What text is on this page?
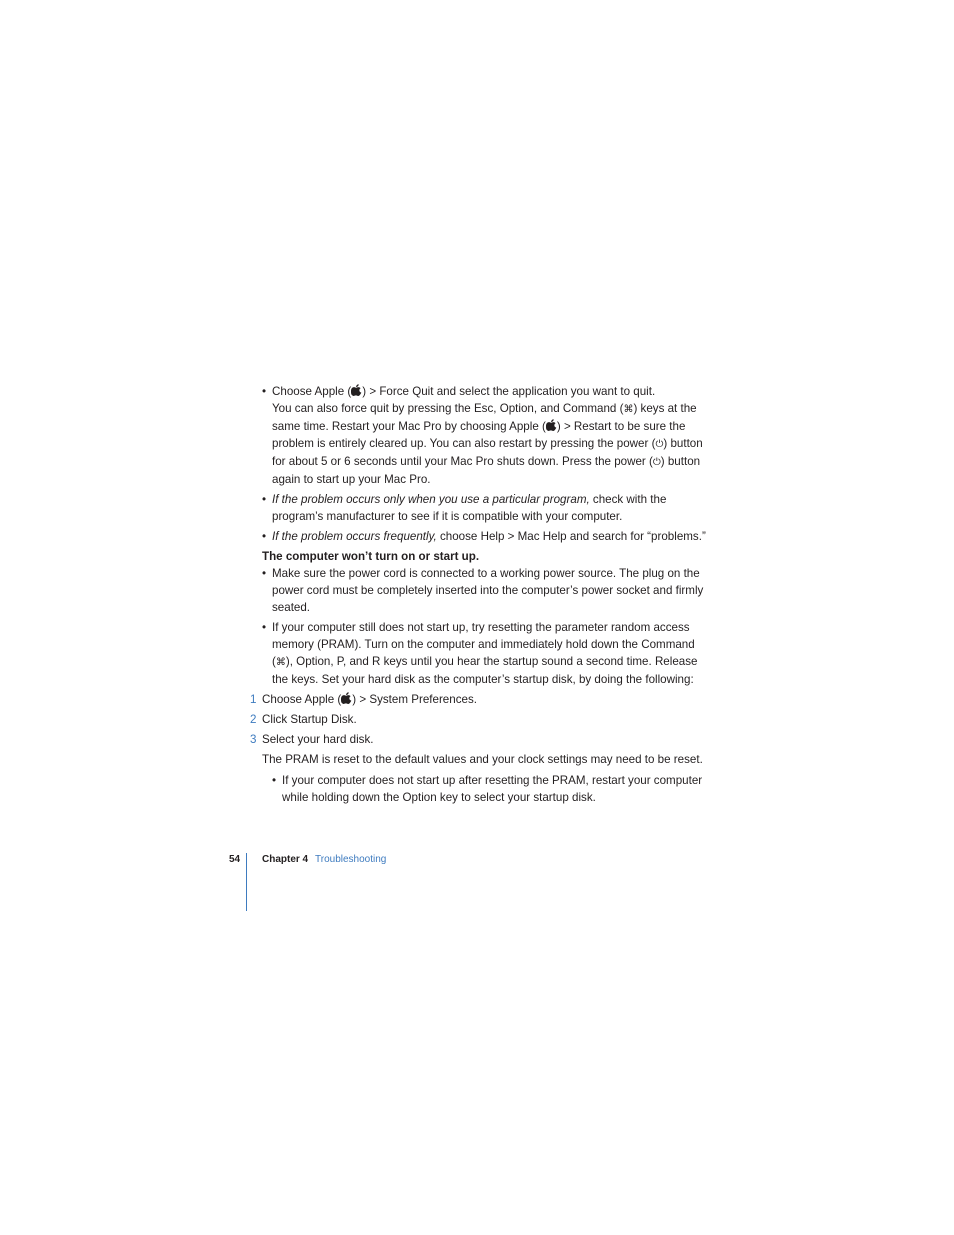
• Choose Apple ( ) > Force Quit and select the application you want to quit.
You can also force quit by pressing the Esc, Option, and Command (⌘) keys at the same time. Restart your Mac Pro by choosing Apple ( ) > Restart to be sure the problem is entirely cleared up. You can also restart by pressing the power (⏻) button for about 5 or 6 seconds until your Mac Pro shuts down. Press the power (⏻) button again to start up your Mac Pro.
• If the problem occurs only when you use a particular program, check with the program’s manufacturer to see if it is compatible with your computer.
• If the problem occurs frequently, choose Help > Mac Help and search for “problems.”
The computer won’t turn on or start up.
• Make sure the power cord is connected to a working power source. The plug on the power cord must be completely inserted into the computer’s power socket and firmly seated.
• If your computer still does not start up, try resetting the parameter random access memory (PRAM). Turn on the computer and immediately hold down the Command (⌘), Option, P, and R keys until you hear the startup sound a second time. Release the keys. Set your hard disk as the computer’s startup disk, by doing the following:
1 Choose Apple ( ) > System Preferences.
2 Click Startup Disk.
3 Select your hard disk.
The PRAM is reset to the default values and your clock settings may need to be reset.
• If your computer does not start up after resetting the PRAM, restart your computer while holding down the Option key to select your startup disk.
54 Chapter 4 Troubleshooting
